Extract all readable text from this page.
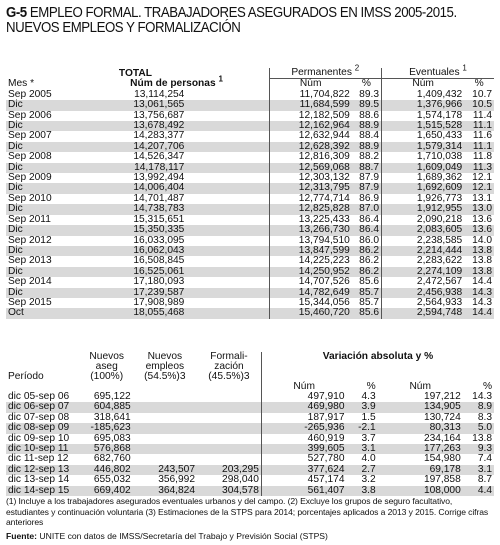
G-5 EMPLEO FORMAL. TRABAJADORES ASEGURADOS EN IMSS 2005-2015.
NUEVOS EMPLEOS Y FORMALIZACIÓN
	TOTAL		Permanentes $^2$		Eventuales $^1$
Mes *	Núm de personas $^1$		Núm	%	Núm	%
Sep 2005	13,114,254		11,704,822	89.3	1,409,432	10.7
Dic	13,061,565		11,684,599	89.5	1,376,966	10.5
Sep 2006	13,756,687		12,182,509	88.6	1,574,178	11.4
Dic	13,678,492		12,162,964	88.9	1,515,528	11.1
Sep 2007	14,283,377		12,632,944	88.4	1,650,433	11.6
Dic	14,207,706		12,628,392	88.9	1,579,314	11.1
Sep 2008	14,526,347		12,816,309	88.2	1,710,038	11.8
Dic	14,178,117		12,569,068	88.7	1,609,049	11.3
Sep 2009	13,992,494		12,303,132	87.9	1,689,362	12.1
Dic	14,006,404		12,313,795	87.9	1,692,609	12.1
Sep 2010	14,701,487		12,774,714	86.9	1,926,773	13.1
Dic	14,738,783		12,825,828	87.0	1,912,955	13.0
Sep 2011	15,315,651		13,225,433	86.4	2,090,218	13.6
Dic	15,350,335		13,266,730	86.4	2,083,605	13.6
Sep 2012	16,033,095		13,794,510	86.0	2,238,585	14.0
Dic	16,062,043		13,847,599	86.2	2,214,444	13.8
Sep 2013	16,508,845		14,225,223	86.2	2,283,622	13.8
Dic	16,525,061		14,250,952	86.2	2,274,109	13.8
Sep 2014	17,180,093		14,707,526	85.6	2,472,567	14.4
Dic	17,239,587		14,782,649	85.7	2,456,938	14.3
Sep 2015	17,908,989		15,344,056	85.7	2,564,933	14.3
Oct	18,055,468		15,460,720	85.6	2,594,748	14.4
Período	Nuevos
aseg
(100%)	Nuevos
empleos
(54.5%)3	Formali-
zación
(45.5%)3	Variación absoluta y %			
				Núm	%	Núm	%
dic 05-sep 06	695,122			497,910	4.3	197,212	14.3
dic 06-sep 07	604,885			469,980	3.9	134,905	8.9
dic 07-sep 08	318,641			187,917	1.5	130,724	8.3
dic 08-sep 09	-185,623			-265,936	-2.1	80,313	5.0
dic 09-sep 10	695,083			460,919	3.7	234,164	13.8
dic 10-sep 11	576,868			399,605	3.1	177,263	9.3
dic 11-sep 12	682,760			527,780	4.0	154,980	7.4
dic 12-sep 13	446,802	243,507	203,295	377,624	2.7	69,178	3.1
dic 13-sep 14	655,032	356,992	298,040	457,174	3.2	197,858	8.7
dic 14-sep 15	669,402	364,824	304,578	561,407	3.8	108,000	4.4
(1) Incluye a los trabajadores asegurados eventuales urbanos y del campo. (2) Excluye los grupos de seguro facultativo, estudiantes y continuación voluntaria (3) Estimaciones de la STPS para 2014; porcentajes aplicados a 2013 y 2015. Corrige cifras anteriores
Fuente: UNITE con datos de IMSS/Secretaría del Trabajo y Previsión Social (STPS)
